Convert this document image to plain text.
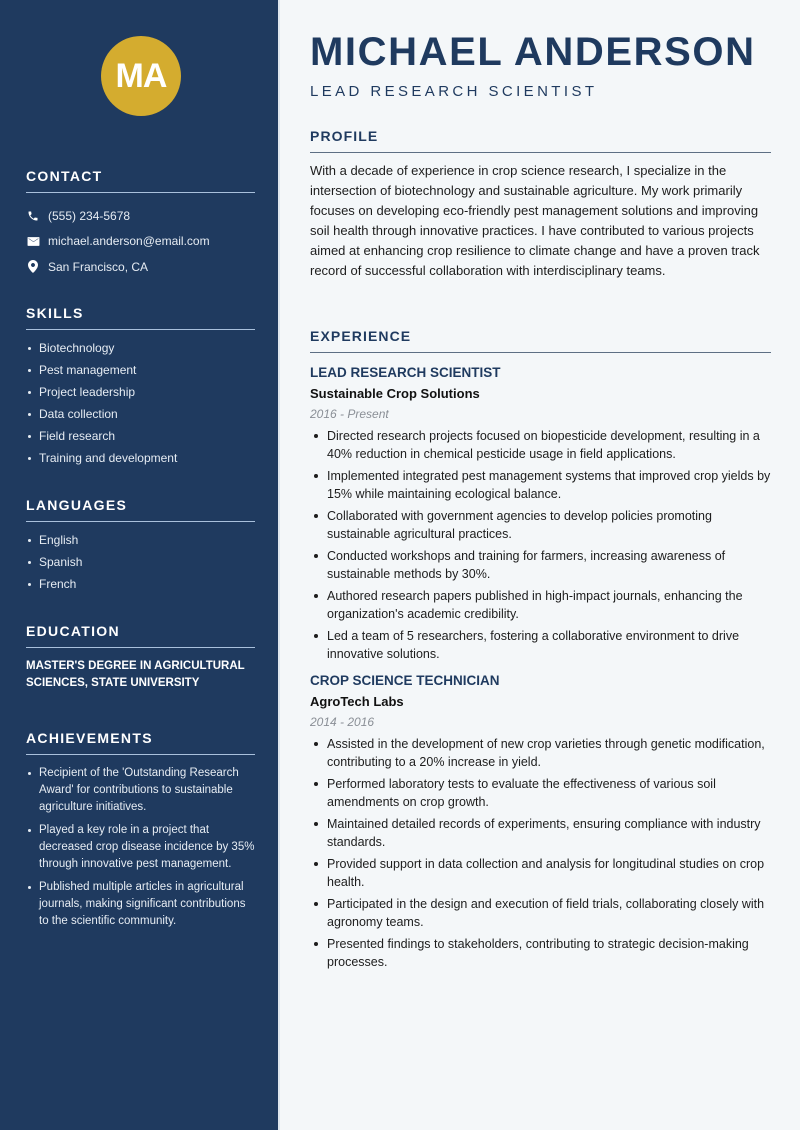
MA
CONTACT
(555) 234-5678
michael.anderson@email.com
San Francisco, CA
SKILLS
Biotechnology
Pest management
Project leadership
Data collection
Field research
Training and development
LANGUAGES
English
Spanish
French
EDUCATION
MASTER'S DEGREE IN AGRICULTURAL SCIENCES, STATE UNIVERSITY
ACHIEVEMENTS
Recipient of the 'Outstanding Research Award' for contributions to sustainable agriculture initiatives.
Played a key role in a project that decreased crop disease incidence by 35% through innovative pest management.
Published multiple articles in agricultural journals, making significant contributions to the scientific community.
MICHAEL ANDERSON
LEAD RESEARCH SCIENTIST
PROFILE

With a decade of experience in crop science research, I specialize in the intersection of biotechnology and sustainable agriculture. My work primarily focuses on developing eco-friendly pest management solutions and improving soil health through innovative practices. I have contributed to various projects aimed at enhancing crop resilience to climate change and have a proven track record of successful collaboration with interdisciplinary teams.

EXPERIENCE
LEAD RESEARCH SCIENTIST
Sustainable Crop Solutions
2016 - Present
Directed research projects focused on biopesticide development, resulting in a 40% reduction in chemical pesticide usage in field applications.
Implemented integrated pest management systems that improved crop yields by 15% while maintaining ecological balance.
Collaborated with government agencies to develop policies promoting sustainable agricultural practices.
Conducted workshops and training for farmers, increasing awareness of sustainable methods by 30%.
Authored research papers published in high-impact journals, enhancing the organization's academic credibility.
Led a team of 5 researchers, fostering a collaborative environment to drive innovative solutions.
CROP SCIENCE TECHNICIAN
AgroTech Labs
2014 - 2016
Assisted in the development of new crop varieties through genetic modification, contributing to a 20% increase in yield.
Performed laboratory tests to evaluate the effectiveness of various soil amendments on crop growth.
Maintained detailed records of experiments, ensuring compliance with industry standards.
Provided support in data collection and analysis for longitudinal studies on crop health.
Participated in the design and execution of field trials, collaborating closely with agronomy teams.
Presented findings to stakeholders, contributing to strategic decision-making processes.
